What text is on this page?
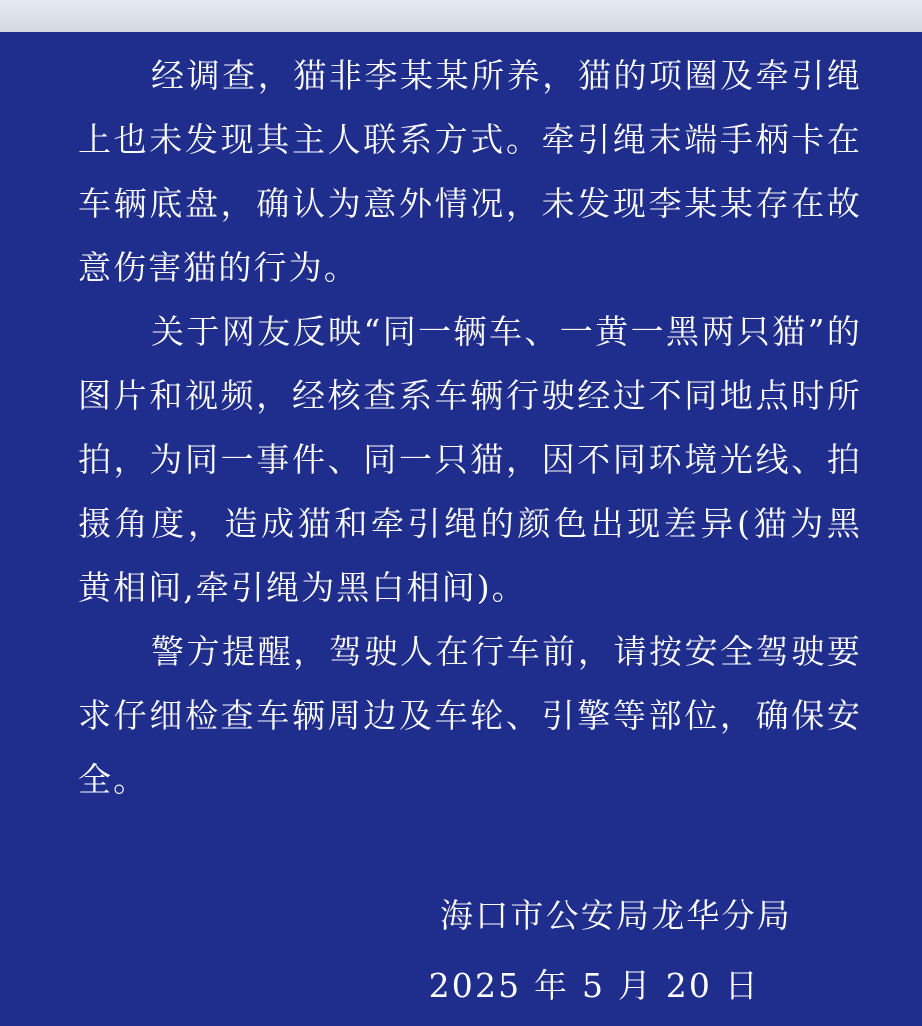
经调查，猫非李某某所养，猫的项圈及牵引绳上也未发现其主人联系方式。牵引绳末端手柄卡在车辆底盘，确认为意外情况，未发现李某某存在故意伤害猫的行为。

关于网友反映“同一辆车、一黄一黑两只猫”的图片和视频，经核查系车辆行驶经过不同地点时所拍，为同一事件、同一只猫，因不同环境光线、拍摄角度，造成猫和牵引绳的颜色出现差异(猫为黑黄相间,牵引绳为黑白相间)。

警方提醒，驾驶人在行车前，请按安全驾驶要求仔细检查车辆周边及车轮、引擎等部位，确保安全。

海口市公安局龙华分局
2025 年 5 月 20 日
